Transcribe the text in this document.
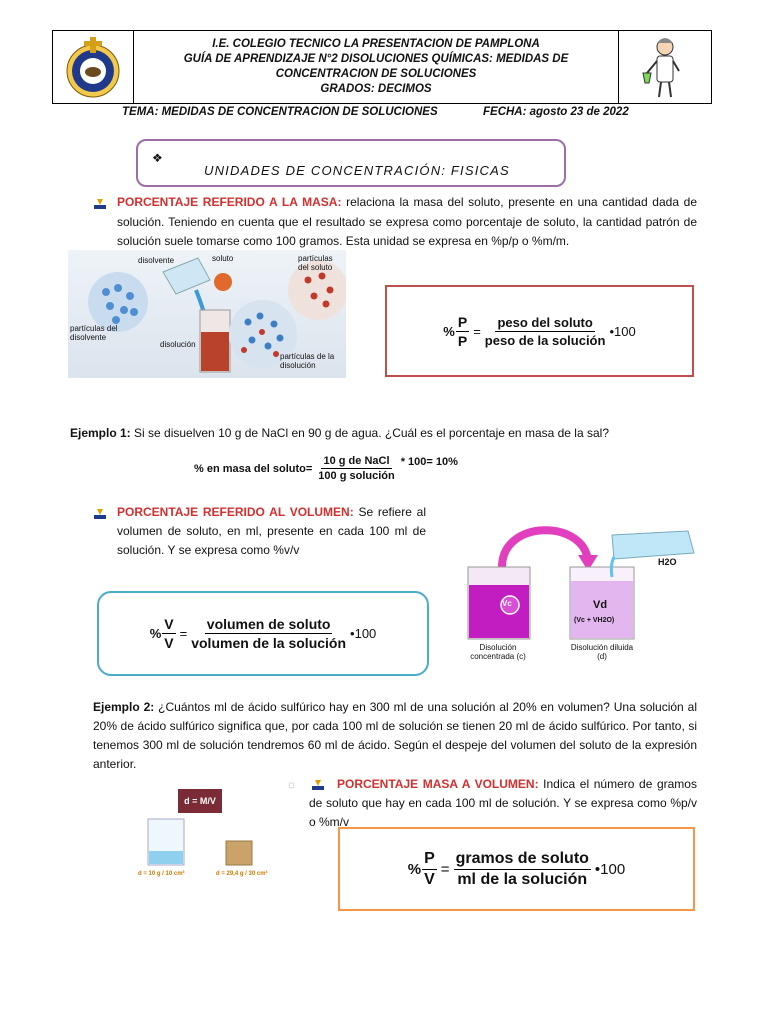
I.E. COLEGIO TECNICO LA PRESENTACION DE PAMPLONA
GUÍA DE APRENDIZAJE N°2 DISOLUCIONES QUÍMICAS: MEDIDAS DE
CONCENTRACION DE SOLUCIONES
GRADOS: DECIMOS
TEMA: MEDIDAS DE CONCENTRACION DE SOLUCIONES	FECHA: agosto 23 de 2022
❖
UNIDADES DE CONCENTRACIÓN: FISICAS
PORCENTAJE REFERIDO A LA MASA: relaciona la masa del soluto, presente en una cantidad dada de solución. Teniendo en cuenta que el resultado se expresa como porcentaje de soluto, la cantidad patrón de solución suele tomarse como 100 gramos. Esta unidad se expresa en %p/p o %m/m.
disolvente	soluto	partículas del soluto
partículas del disolvente
disolución
partículas de la disolución
% $\frac{P}{P} = \frac{\text{peso del soluto}}{\text{peso de la solución}}$ •100
Ejemplo 1: Si se disuelven 10 g de NaCl en 90 g de agua. ¿Cuál es el porcentaje en masa de la sal?
% en masa del soluto= $\frac{\text{10 g de NaCl}}{\text{100 g solución}} * 100= 10\%$
PORCENTAJE REFERIDO AL VOLUMEN: Se refiere al volumen de soluto, en ml, presente en cada 100 ml de solución. Y se expresa como %v/v
% $\frac{V}{V} = \frac{\text{volumen de soluto}}{\text{volumen de la solución}}$ •100
Vc	Vd
(Vc + VH2O)
H2O
Disolución concentrada (c)
Disolución diluida (d)
Ejemplo 2: ¿Cuántos ml de ácido sulfúrico hay en 300 ml de una solución al 20% en volumen? Una solución al 20% de ácido sulfúrico significa que, por cada 100 ml de solución se tienen 20 ml de ácido sulfúrico. Por tanto, si tenemos 300 ml de solución tendremos 60 ml de ácido. Según el despeje del volumen del soluto de la expresión anterior.
☼	PORCENTAJE MASA A VOLUMEN: Indica el número de gramos de soluto que hay en cada 100 ml de solución. Y se expresa como %p/v o %m/v
d = M/V
d = 10 g / 10 cm³	d = 29,4 g / 30 cm³	% $\frac{P}{V} = \frac{\text{gramos de soluto}}{\text{ml de la solución}}$ •100
